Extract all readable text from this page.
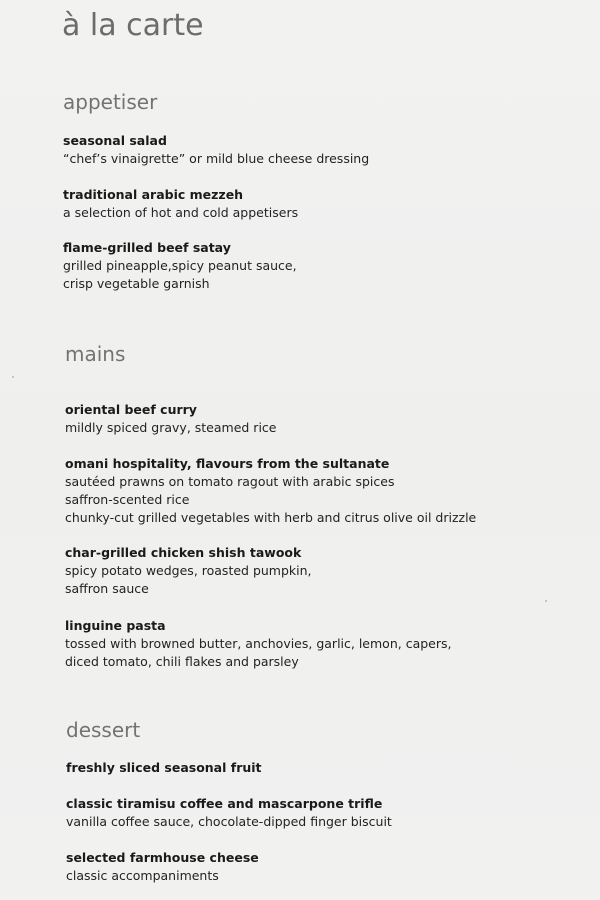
à la carte
appetiser
seasonal salad
“chef’s vinaigrette” or mild blue cheese dressing
traditional arabic mezzeh
a selection of hot and cold appetisers
flame-grilled beef satay
grilled pineapple,spicy peanut sauce,
crisp vegetable garnish
mains
oriental beef curry
mildly spiced gravy, steamed rice
omani hospitality, flavours from the sultanate
sautéed prawns on tomato ragout with arabic spices
saffron-scented rice
chunky-cut grilled vegetables with herb and citrus olive oil drizzle
char-grilled chicken shish tawook
spicy potato wedges, roasted pumpkin,
saffron sauce
linguine pasta
tossed with browned butter, anchovies, garlic, lemon, capers,
diced tomato, chili flakes and parsley
dessert
freshly sliced seasonal fruit
classic tiramisu coffee and mascarpone trifle
vanilla coffee sauce, chocolate-dipped finger biscuit
selected farmhouse cheese
classic accompaniments
